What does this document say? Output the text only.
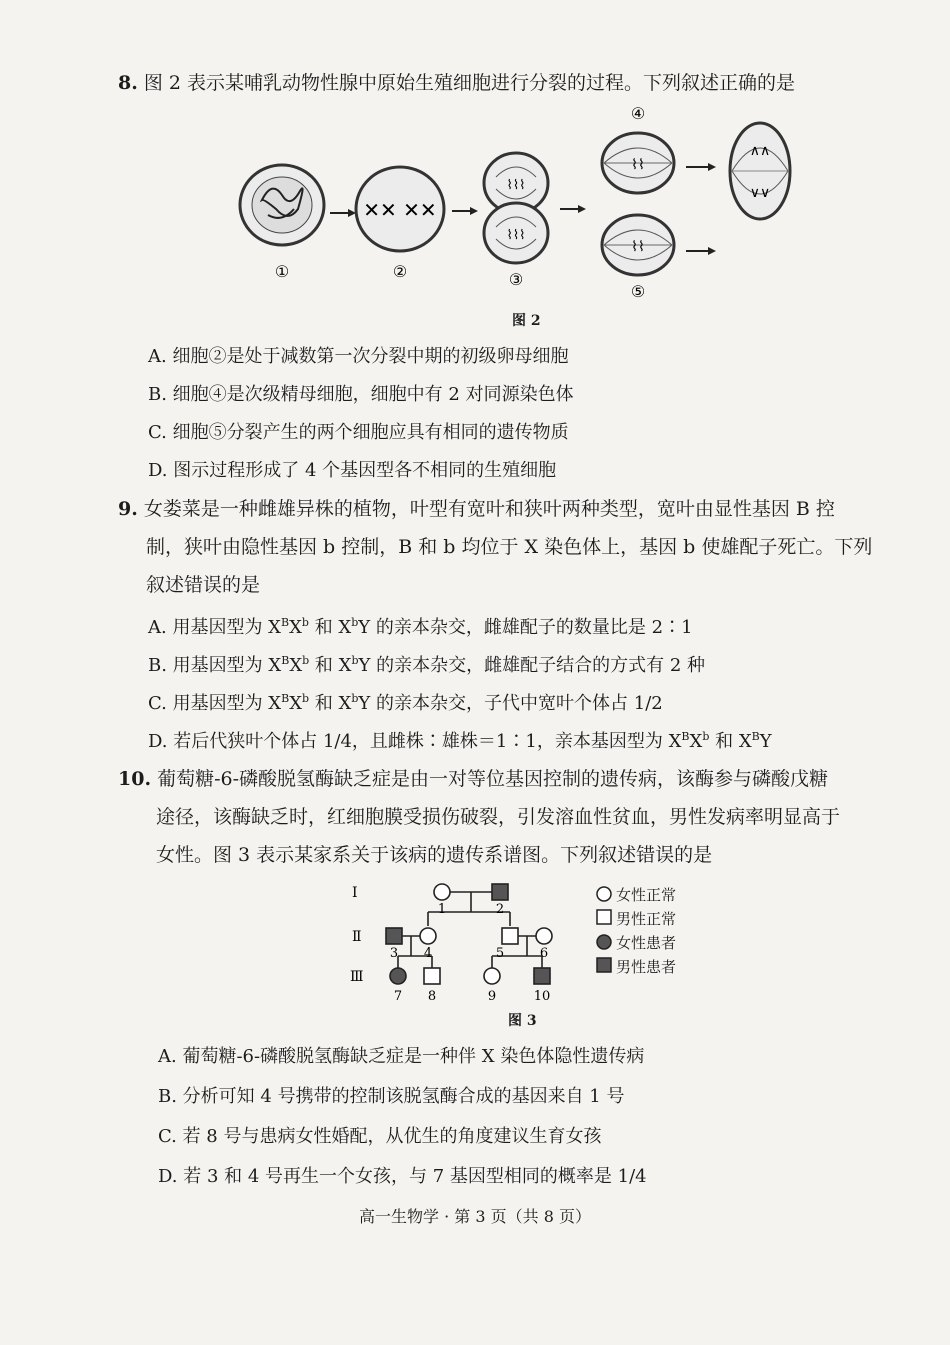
8. 图 2 表示某哺乳动物性腺中原始生殖细胞进行分裂的过程。下列叙述正确的是
①
✕✕ ✕✕
②
⌇⌇⌇
⌇⌇⌇
③
④
⌇⌇
⌇⌇
⑤
∧∧
∨∨
图 2
A. 细胞②是处于减数第一次分裂中期的初级卵母细胞
B. 细胞④是次级精母细胞，细胞中有 2 对同源染色体
C. 细胞⑤分裂产生的两个细胞应具有相同的遗传物质
D. 图示过程形成了 4 个基因型各不相同的生殖细胞
9. 女娄菜是一种雌雄异株的植物，叶型有宽叶和狭叶两种类型，宽叶由显性基因 B 控
制，狭叶由隐性基因 b 控制，B 和 b 均位于 X 染色体上，基因 b 使雄配子死亡。下列
叙述错误的是
A. 用基因型为 $X^BX^b$ 和 $X^bY$ 的亲本杂交，雌雄配子的数量比是 2∶1
B. 用基因型为 $X^BX^b$ 和 $X^bY$ 的亲本杂交，雌雄配子结合的方式有 2 种
C. 用基因型为 $X^BX^b$ 和 $X^bY$ 的亲本杂交，子代中宽叶个体占 1/2
D. 若后代狭叶个体占 1/4，且雌株∶雄株＝1∶1，亲本基因型为 $X^BX^b$ 和 $X^BY$
10. 葡萄糖-6-磷酸脱氢酶缺乏症是由一对等位基因控制的遗传病，该酶参与磷酸戊糖
途径，该酶缺乏时，红细胞膜受损伤破裂，引发溶血性贫血，男性发病率明显高于
女性。图 3 表示某家系关于该病的遗传系谱图。下列叙述错误的是
Ⅰ
Ⅱ
Ⅲ
1	2
3 4	5	6
7 8	9	10
女性正常
男性正常
女性患者
男性患者
图 3
A. 葡萄糖-6-磷酸脱氢酶缺乏症是一种伴 X 染色体隐性遗传病
B. 分析可知 4 号携带的控制该脱氢酶合成的基因来自 1 号
C. 若 8 号与患病女性婚配，从优生的角度建议生育女孩
D. 若 3 和 4 号再生一个女孩，与 7 基因型相同的概率是 1/4
高一生物学 · 第 3 页（共 8 页）
